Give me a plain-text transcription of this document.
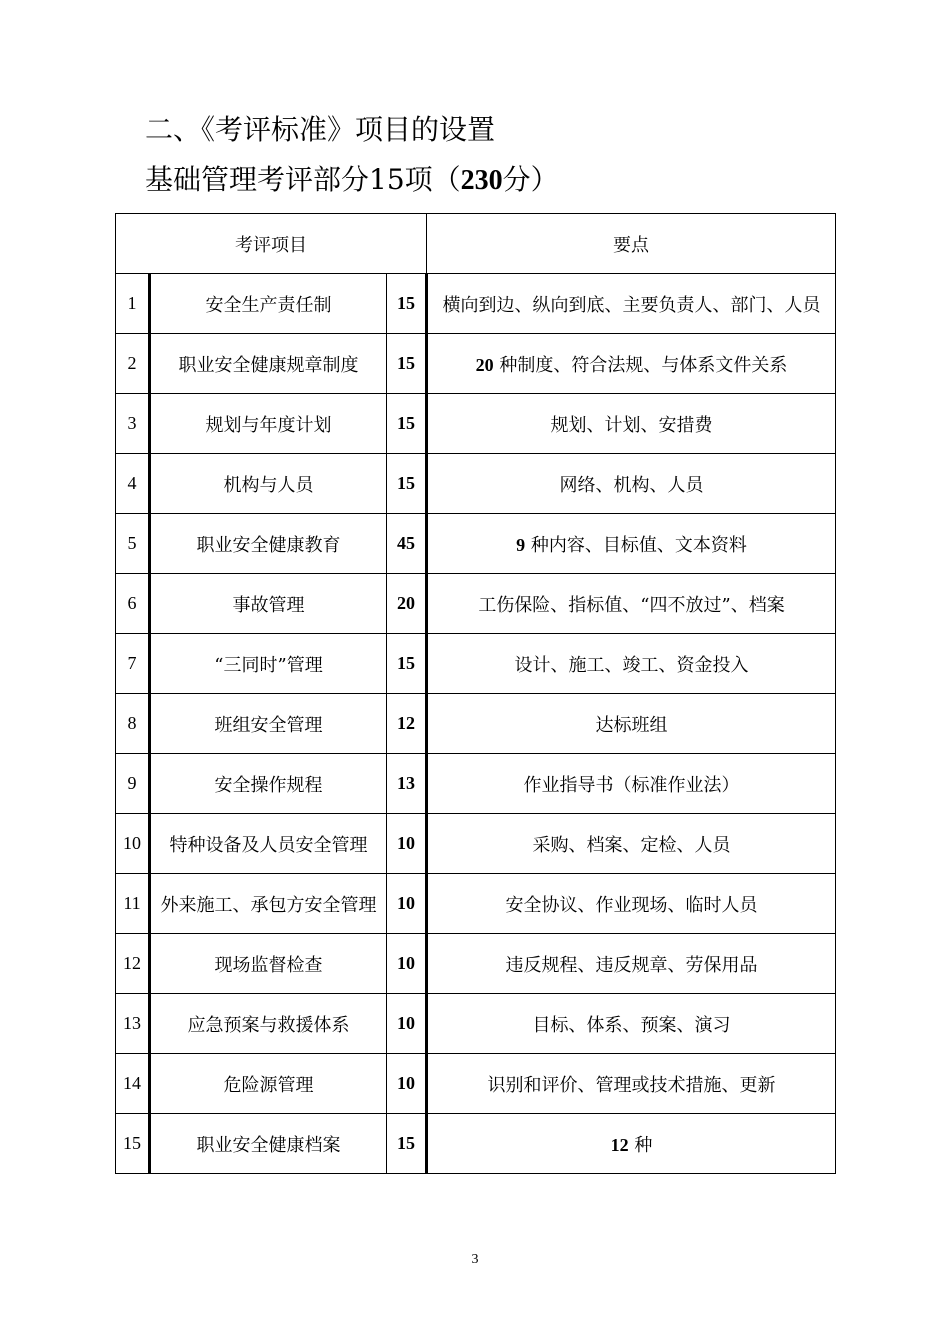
二、《考评标准》项目的设置
基础管理考评部分15项（230分）
考评项目			要点
1	安全生产责任制	15	横向到边、纵向到底、主要负责人、部门、人员
2	职业安全健康规章制度	15	20 种制度、符合法规、与体系文件关系
3	规划与年度计划	15	规划、计划、安措费
4	机构与人员	15	网络、机构、人员
5	职业安全健康教育	45	9 种内容、目标值、文本资料
6	事故管理	20	工伤保险、指标值、“四不放过”、档案
7	“三同时”管理	15	设计、施工、竣工、资金投入
8	班组安全管理	12	达标班组
9	安全操作规程	13	作业指导书（标准作业法）
10	特种设备及人员安全管理	10	采购、档案、定检、人员
11	外来施工、承包方安全管理	10	安全协议、作业现场、临时人员
12	现场监督检查	10	违反规程、违反规章、劳保用品
13	应急预案与救援体系	10	目标、体系、预案、演习
14	危险源管理	10	识别和评价、管理或技术措施、更新
15	职业安全健康档案	15	12 种
3
